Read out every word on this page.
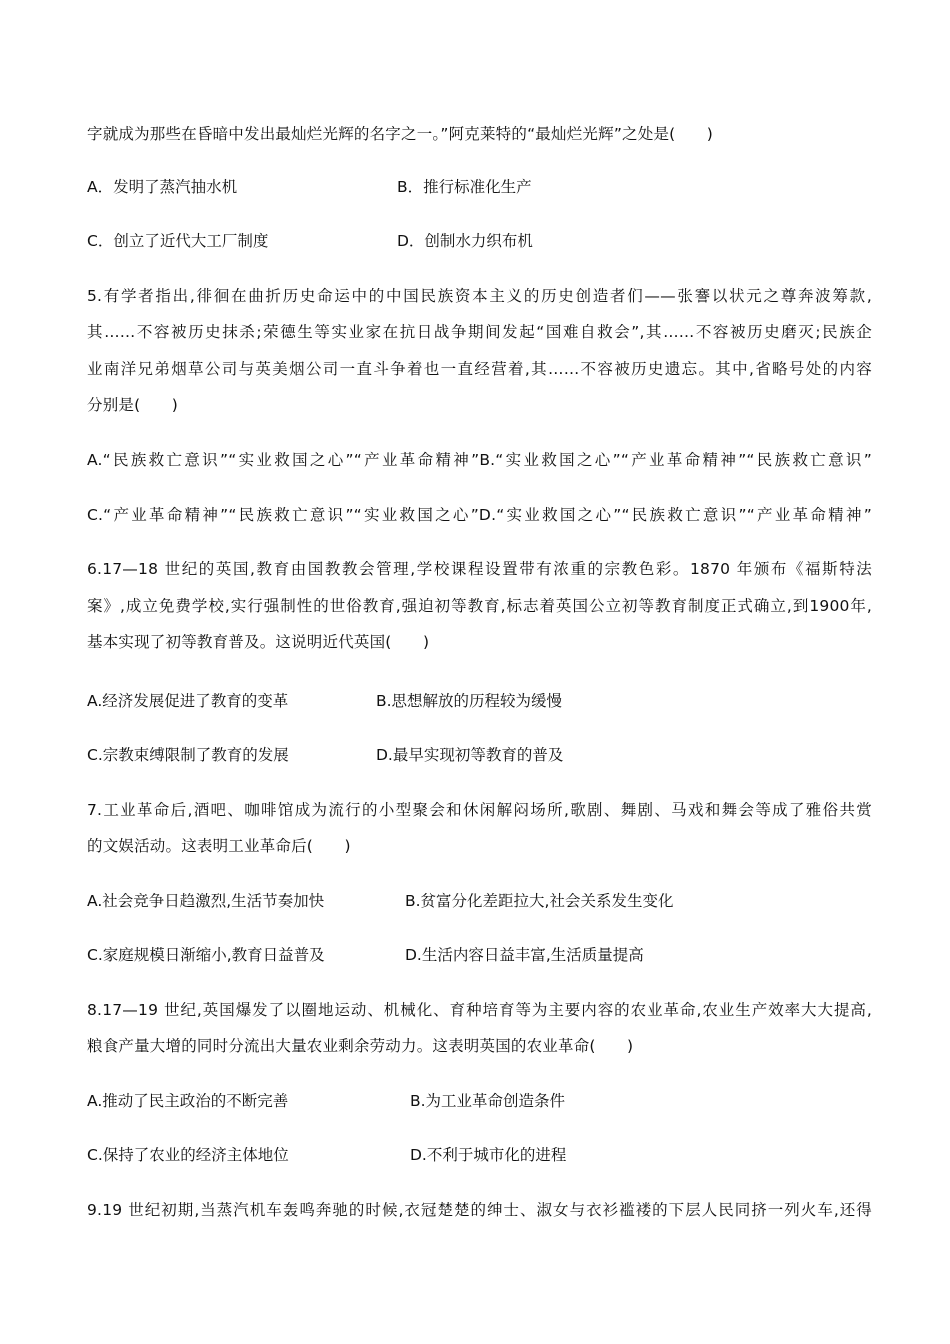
字就成为那些在昏暗中发出最灿烂光辉的名字之一。”阿克莱特的“最灿烂光辉”之处是(　　)
A．发明了蒸汽抽水机	B．推行标准化生产
C．创立了近代大工厂制度	D．创制水力织布机
5.有学者指出,徘徊在曲折历史命运中的中国民族资本主义的历史创造者们——张謇以状元之尊奔波筹款,
其……不容被历史抹杀;荣德生等实业家在抗日战争期间发起“国难自救会”,其……不容被历史磨灭;民族企
业南洋兄弟烟草公司与英美烟公司一直斗争着也一直经营着,其……不容被历史遗忘。其中,省略号处的内容
分别是(　　)
A.“民族救亡意识”“实业救国之心”“产业革命精神”B.“实业救国之心”“产业革命精神”“民族救亡意识”
C.“产业革命精神”“民族救亡意识”“实业救国之心”D.“实业救国之心”“民族救亡意识”“产业革命精神”
6.17—18 世纪的英国,教育由国教教会管理,学校课程设置带有浓重的宗教色彩。1870 年颁布《福斯特法
案》,成立免费学校,实行强制性的世俗教育,强迫初等教育,标志着英国公立初等教育制度正式确立,到1900年,
基本实现了初等教育普及。这说明近代英国(　　)
A.经济发展促进了教育的变革	B.思想解放的历程较为缓慢
C.宗教束缚限制了教育的发展	D.最早实现初等教育的普及
7.工业革命后,酒吧、咖啡馆成为流行的小型聚会和休闲解闷场所,歌剧、舞剧、马戏和舞会等成了雅俗共赏
的文娱活动。这表明工业革命后(　　)
A.社会竞争日趋激烈,生活节奏加快	B.贫富分化差距拉大,社会关系发生变化
C.家庭规模日渐缩小,教育日益普及	D.生活内容日益丰富,生活质量提高
8.17—19 世纪,英国爆发了以圈地运动、机械化、育种培育等为主要内容的农业革命,农业生产效率大大提高,
粮食产量大增的同时分流出大量农业剩余劳动力。这表明英国的农业革命(　　)
A.推动了民主政治的不断完善	B.为工业革命创造条件
C.保持了农业的经济主体地位	D.不利于城市化的进程
9.19 世纪初期,当蒸汽机车轰鸣奔驰的时候,衣冠楚楚的绅士、淑女与衣衫褴褛的下层人民同挤一列火车,还得
